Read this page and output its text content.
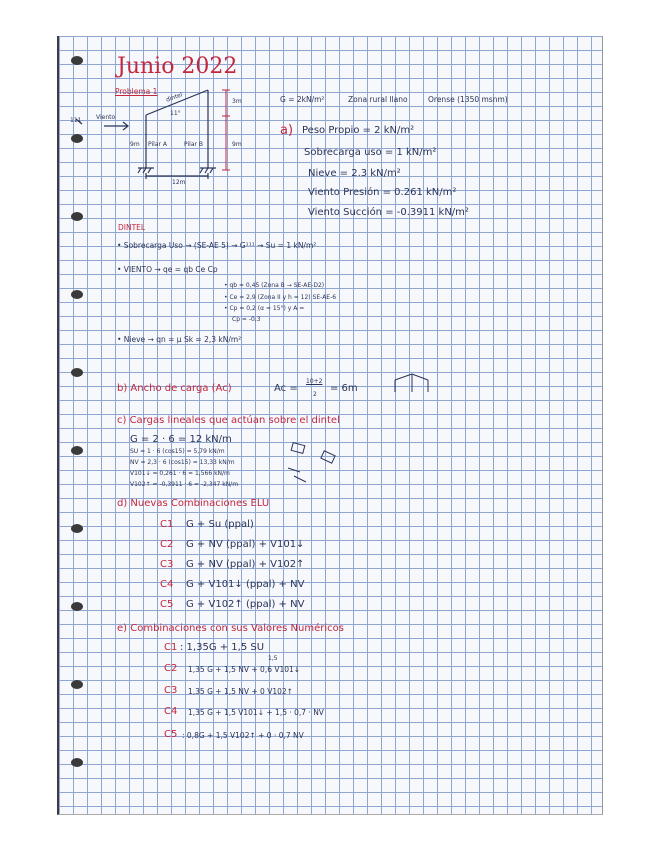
Junio 2022
Problema 1
111 Viento
dintel
11°
Pilar A	Pilar B
3m
9m
9m
12m
G = 2kN/m²	Zona rural llano	Orense (1350 msnm)
a) Peso Propio = 2 kN/m²
Sobrecarga uso = 1 kN/m²
Nieve = 2.3 kN/m²
Viento Presión = 0.261 kN/m²
Viento Succión = -0.3911 kN/m²
DINTEL
• Sobrecarga Uso → (SE-AE 5) → G¹¹¹ → Su = 1 kN/m²
• VIENTO → qe = qb Ce Cp
• qb = 0,45 (Zona B → SE-AE-D2)
• Ce = 2,9 (Zona II y h = 12) SE-AE-6
• Cp = 0,2 (α ≈ 15°) y A =
Cp = -0,3
• Nieve → qn = μ Sk = 2,3 kN/m²
b) Ancho de carga (Ac)	Ac =
10+2
2
= 6m
c) Cargas lineales que actúan sobre el dintel
G = 2 · 6 = 12 kN/m
SU = 1 · 6 (cos15) = 5,79 kN/m
NV = 2,3 · 6 (cos15) = 13,33 kN/m
V101↓ = 0,261 · 6 = 1,566 kN/m
V102↑ = -0,3911 · 6 = -2,347 kN/m
d) Nuevas Combinaciones ELU
C1 G + Su (ppal)
C2 G + NV (ppal) + V101↓
C3 G + NV (ppal) + V102↑
C4 G + V101↓ (ppal) + NV
C5 G + V102↑ (ppal) + NV
e) Combinaciones con sus Valores Numéricos
C1 : 1,35G + 1,5 SU
1,5
C2 1,35 G + 1,5 NV + 0,6 V101↓
C3 1,35 G + 1,5 NV + 0 V102↑
C4 1,35 G + 1,5 V101↓ + 1,5 · 0,7 · NV
C5 : 0,8G + 1,5 V102↑ + 0 · 0,7 NV
